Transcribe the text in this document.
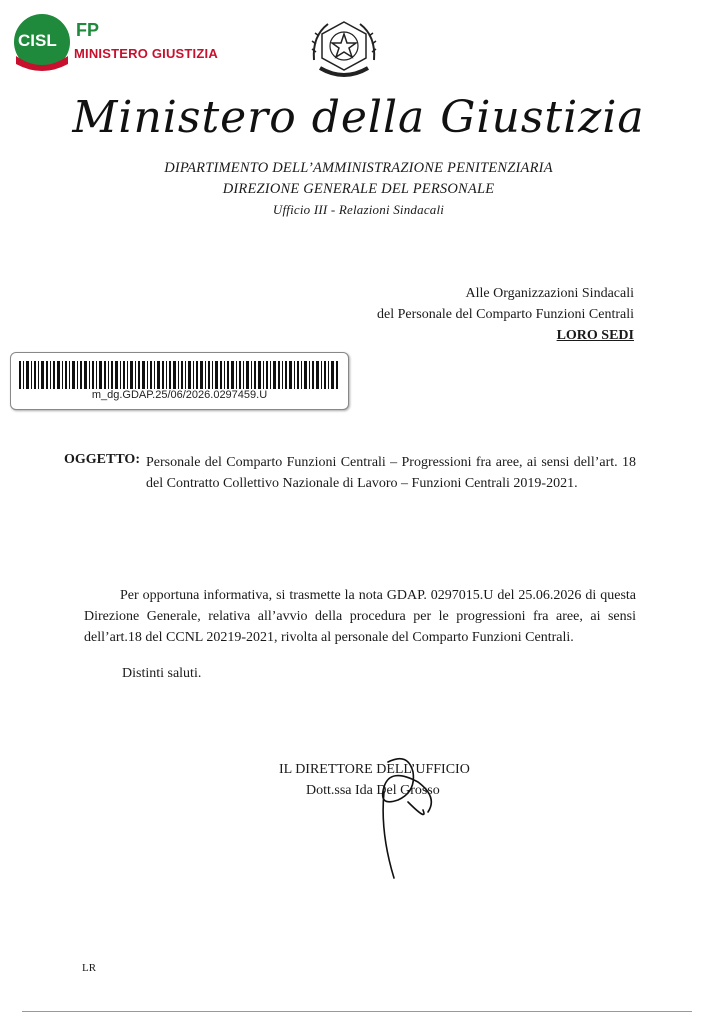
CISL
FP
MINISTERO GIUSTIZIA
Ministero della Giustizia
DIPARTIMENTO DELL’AMMINISTRAZIONE PENITENZIARIA
DIREZIONE GENERALE DEL PERSONALE
Ufficio III - Relazioni Sindacali
Alle Organizzazioni Sindacali
del Personale del Comparto Funzioni Centrali
LORO SEDI
m_dg.GDAP.25/06/2026.0297459.U
OGGETTO: Personale del Comparto Funzioni Centrali – Progressioni fra aree, ai sensi dell’art. 18 del Contratto Collettivo Nazionale di Lavoro – Funzioni Centrali 2019-2021.
Per opportuna informativa, si trasmette la nota GDAP. 0297015.U del 25.06.2026 di questa Direzione Generale, relativa all’avvio della procedura per le progressioni fra aree, ai sensi dell’art.18 del CCNL 20219-2021, rivolta al personale del Comparto Funzioni Centrali.
Distinti saluti.
IL DIRETTORE DELL’UFFICIO
Dott.ssa Ida Del Grosso
LR
